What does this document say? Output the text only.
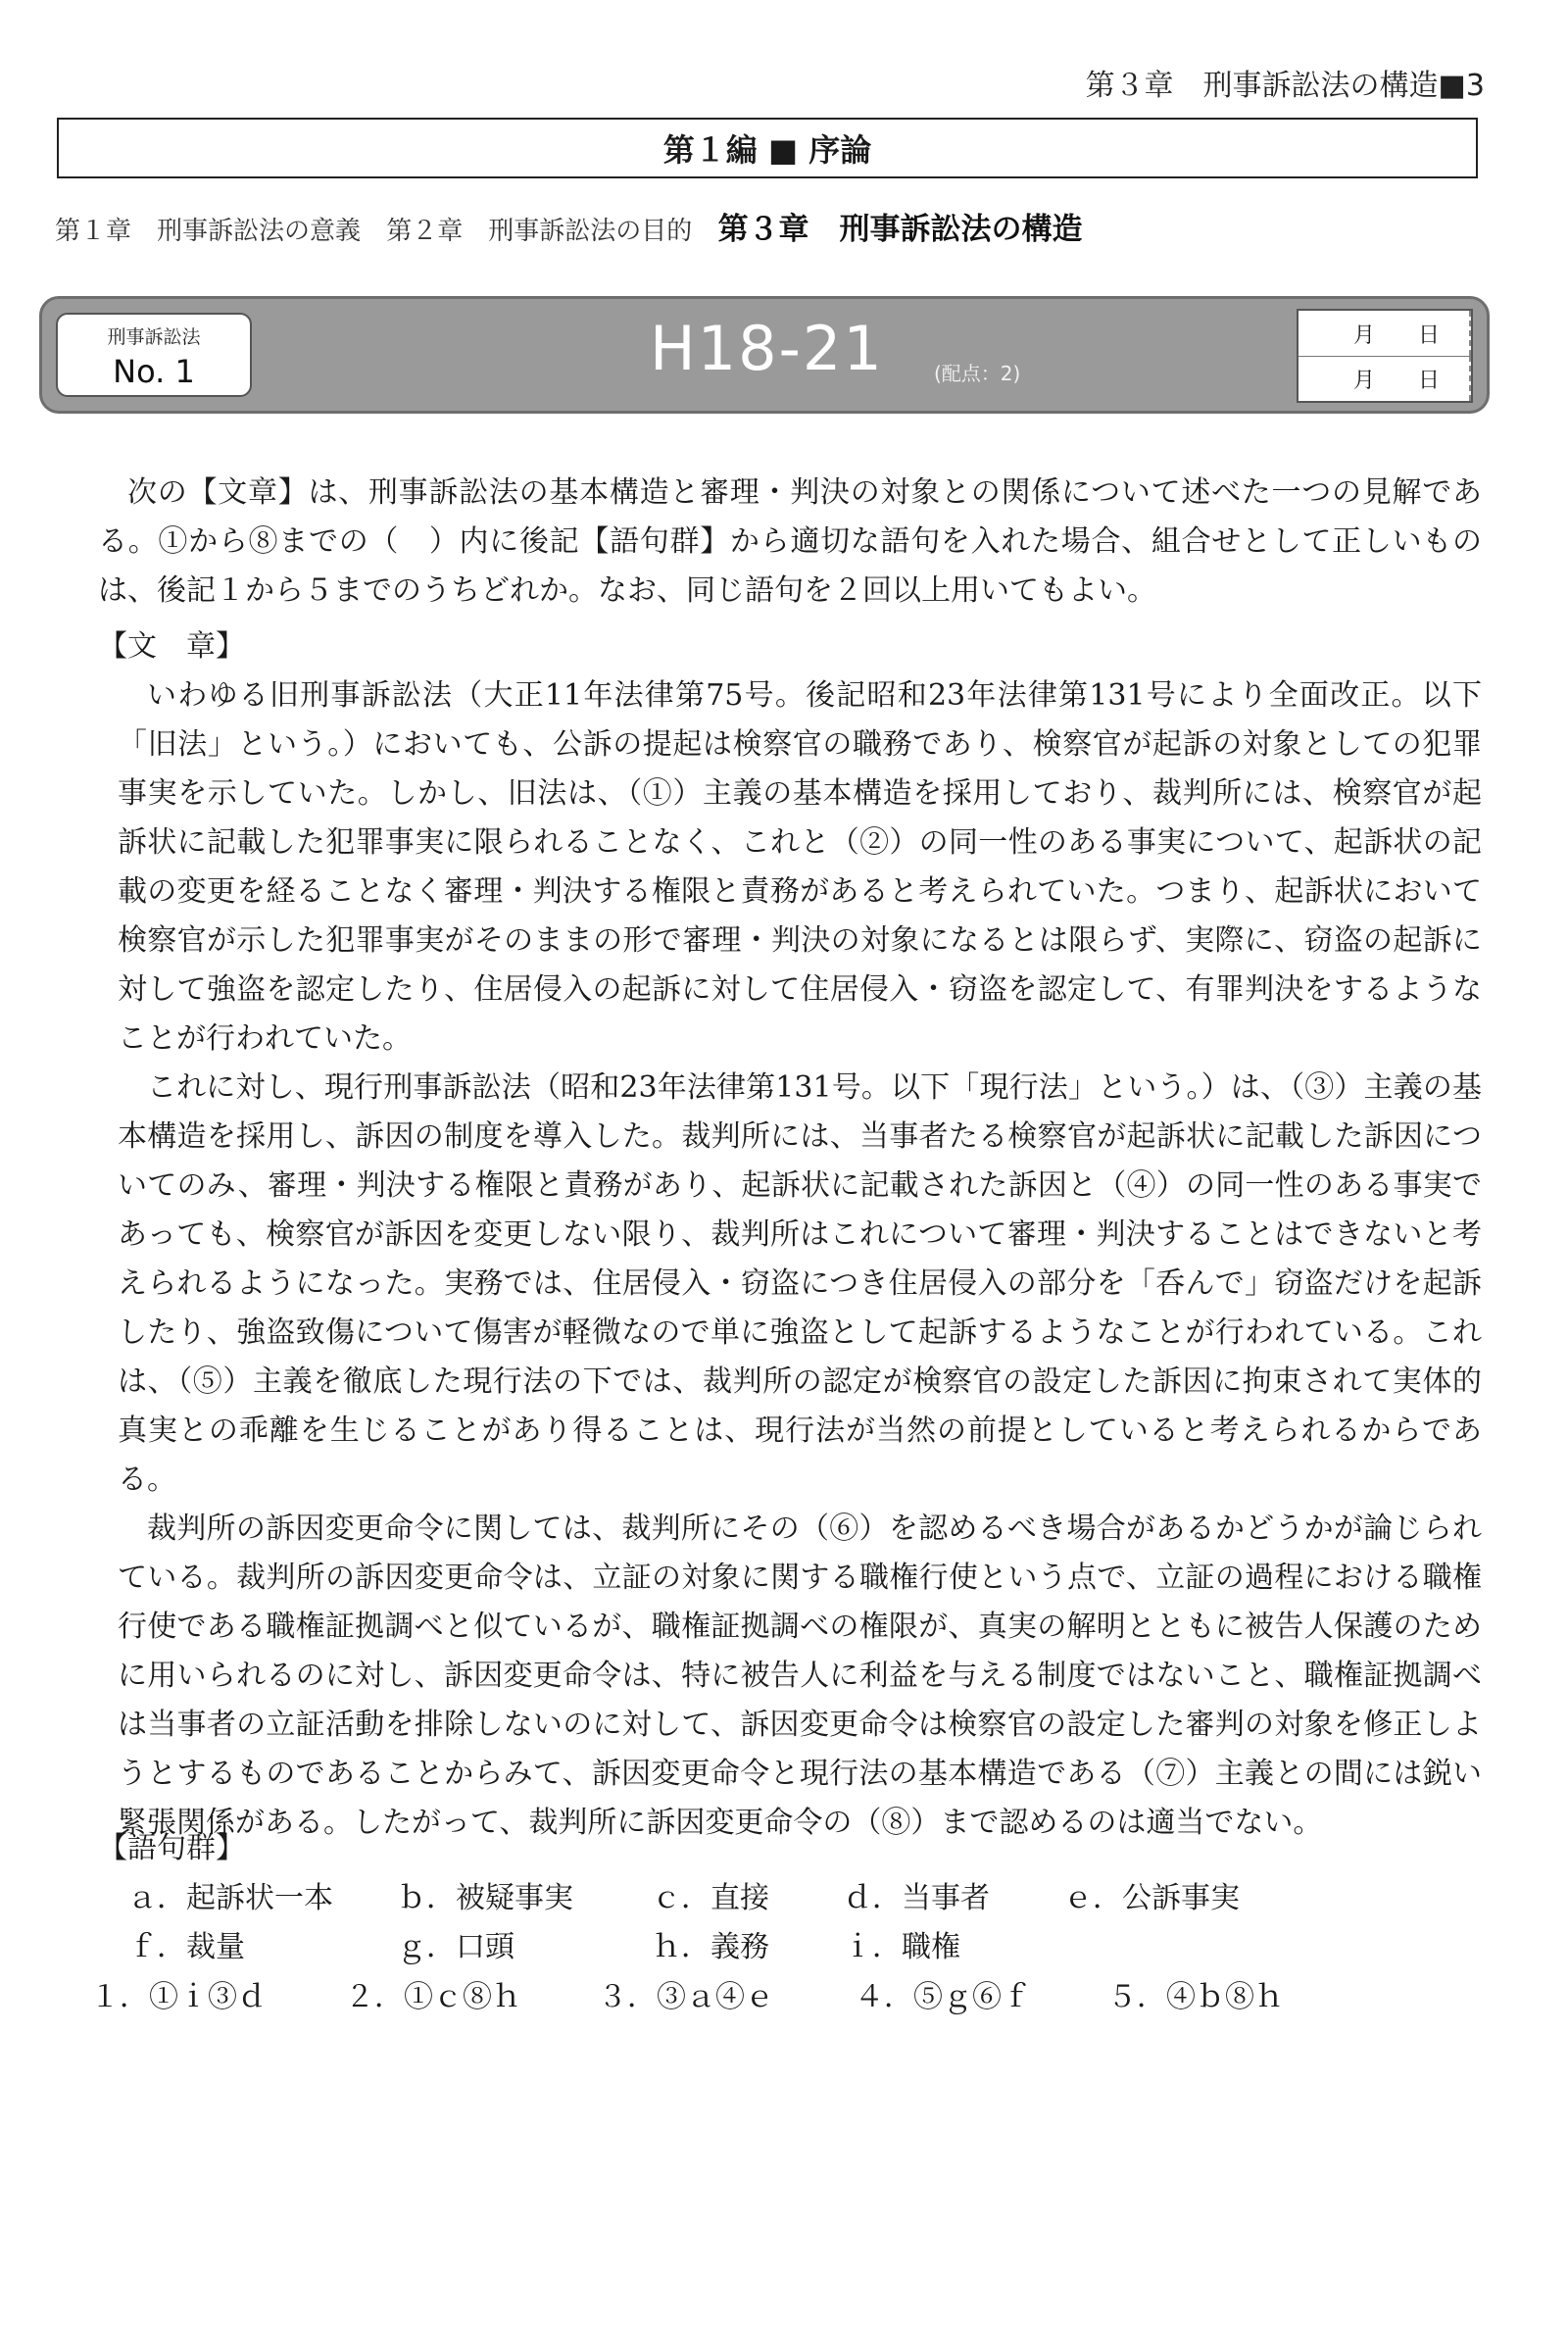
第３章　刑事訴訟法の構造■3
第１編 ■ 序論
第１章　刑事訴訟法の意義 第２章　刑事訴訟法の目的 第３章　刑事訴訟法の構造
刑事訴訟法
No. 1	H18-21	(配点：2)
月 日
月 日
次の【文章】は、刑事訴訟法の基本構造と審理・判決の対象との関係について述べた一つの見解である。①から⑧までの（　）内に後記【語句群】から適切な語句を入れた場合、組合せとして正しいものは、後記１から５までのうちどれか。なお、同じ語句を２回以上用いてもよい。
【文　章】

いわゆる旧刑事訴訟法（大正11年法律第75号。後記昭和23年法律第131号により全面改正。以下「旧法」という。）においても、公訴の提起は検察官の職務であり、検察官が起訴の対象としての犯罪事実を示していた。しかし、旧法は、（①）主義の基本構造を採用しており、裁判所には、検察官が起訴状に記載した犯罪事実に限られることなく、これと（②）の同一性のある事実について、起訴状の記載の変更を経ることなく審理・判決する権限と責務があると考えられていた。つまり、起訴状において検察官が示した犯罪事実がそのままの形で審理・判決の対象になるとは限らず、実際に、窃盗の起訴に対して強盗を認定したり、住居侵入の起訴に対して住居侵入・窃盗を認定して、有罪判決をするようなことが行われていた。

これに対し、現行刑事訴訟法（昭和23年法律第131号。以下「現行法」という。）は、（③）主義の基本構造を採用し、訴因の制度を導入した。裁判所には、当事者たる検察官が起訴状に記載した訴因についてのみ、審理・判決する権限と責務があり、起訴状に記載された訴因と（④）の同一性のある事実であっても、検察官が訴因を変更しない限り、裁判所はこれについて審理・判決することはできないと考えられるようになった。実務では、住居侵入・窃盗につき住居侵入の部分を「呑んで」窃盗だけを起訴したり、強盗致傷について傷害が軽微なので単に強盗として起訴するようなことが行われている。これは、（⑤）主義を徹底した現行法の下では、裁判所の認定が検察官の設定した訴因に拘束されて実体的真実との乖離を生じることがあり得ることは、現行法が当然の前提としていると考えられるからである。

裁判所の訴因変更命令に関しては、裁判所にその（⑥）を認めるべき場合があるかどうかが論じられている。裁判所の訴因変更命令は、立証の対象に関する職権行使という点で、立証の過程における職権行使である職権証拠調べと似ているが、職権証拠調べの権限が、真実の解明とともに被告人保護のために用いられるのに対し、訴因変更命令は、特に被告人に利益を与える制度ではないこと、職権証拠調べは当事者の立証活動を排除しないのに対して、訴因変更命令は検察官の設定した審判の対象を修正しようとするものであることからみて、訴因変更命令と現行法の基本構造である（⑦）主義との間には鋭い緊張関係がある。したがって、裁判所に訴因変更命令の（⑧）まで認めるのは適当でない。

【語句群】
ａ．起訴状一本 ｂ．被疑事実	ｃ．直接	ｄ．当事者	ｅ．公訴事実
ｆ．裁量	ｇ．口頭	ｈ．義務	ｉ．職権
１．①ｉ③ｄ	２．①ｃ⑧ｈ	３．③ａ④ｅ	４．⑤ｇ⑥ｆ	５．④ｂ⑧ｈ
